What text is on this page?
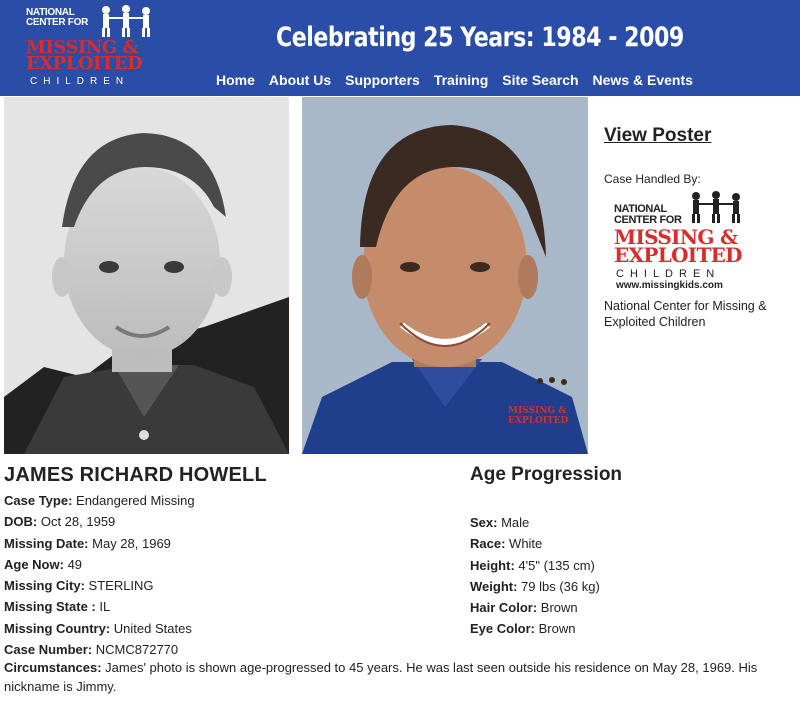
NATIONAL
CENTER FOR
MISSING &
EXPLOITED
CHILDREN
Celebrating 25 Years: 1984 - 2009
Home About Us Supporters Training Site Search News & Events
MISSING &
EXPLOITED
View Poster
Case Handled By:
NATIONAL
CENTER FOR
MISSING &
EXPLOITED
CHILDREN
www.missingkids.com
National Center for Missing & Exploited Children
JAMES RICHARD HOWELL	Age Progression
Case Type: Endangered Missing
DOB: Oct 28, 1959
Missing Date: May 28, 1969
Age Now: 49
Missing City: STERLING
Missing State : IL
Missing Country: United States
Case Number: NCMC872770
Sex: Male
Race: White
Height: 4'5" (135 cm)
Weight: 79 lbs (36 kg)
Hair Color: Brown
Eye Color: Brown
Circumstances: James' photo is shown age-progressed to 45 years. He was last seen outside his residence on May 28, 1969. His nickname is Jimmy.
